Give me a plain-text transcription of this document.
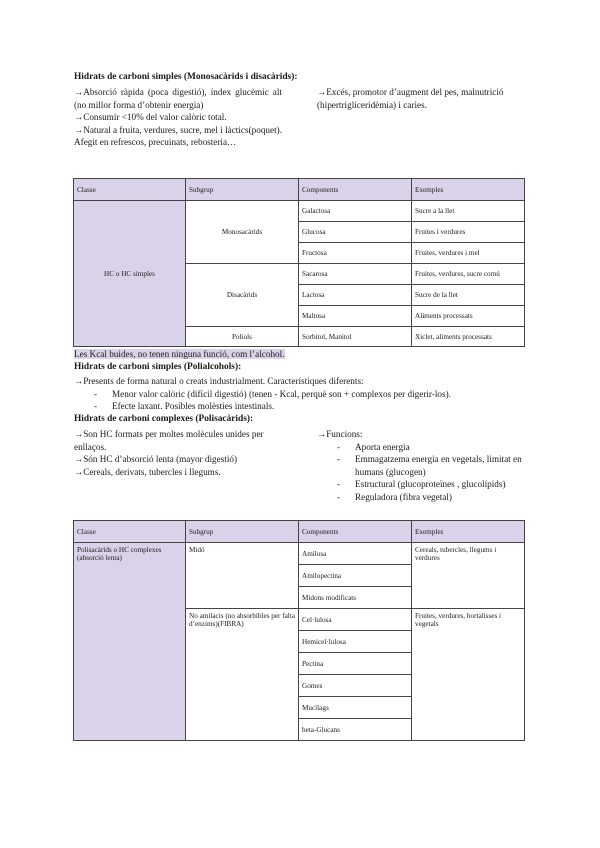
Hidrats de carboni simples (Monosacàrids i disacàrids):
→Absorció ràpida (poca digestió), índex glucèmic alt (no millor forma d’obtenir energia)
→Consumir <10% del valor calòric total.
→Natural a fruita, verdures, sucre, mel i làctics(poquet). Afegit en refrescos, precuinats, rebosteria…
→Excés, promotor d’augment del pes, malnutrició (hipertrigliceridèmia) i caries.
Classe	Subgrup	Components	Exemples
HC o HC simples	Monosacàrids	Galactosa	Sucre a la llet
		Glucosa	Fruites i verdures
		Fructosa	Fruites, verdures i mel
	Disacàrids	Sacarosa	Fruites, verdures, sucre comú
		Lactosa	Sucre de la llet
		Maltosa	Aliments processats
	Poliols	Sorbitol, Manitol	Xiclet, aliments processats
Les Kcal buides, no tenen ninguna funció, com l’alcohol.
Hidrats de carboni simples (Polialcohols):
→Presents de forma natural o creats industrialment. Característiques diferents:
- Menor valor calòric (difícil digestió) (tenen - Kcal, perquè son + complexos per digerir-los).
- Efecte laxant. Posibles molèsties intestinals.
Hidrats de carboni complexes (Polisacàrids):
→Son HC formats per moltes molècules unides per enllaços.
→Són HC d’absorció lenta (mayor digestió)
→Cereals, derivats, tubercles i llegums.
→Funcions:
- Aporta energia
- Emmagatzema energia en vegetals, limitat en humans (glucogen)
- Estructural (glucoproteïnes , glucolípids)
- Reguladora (fibra vegetal)
Classe	Subgrup	Components	Exemples
Polisacàrids o HC complexes (absorció lenta)	Midó	Amilosa	Cereals, tubercles, llegums i verdures
		Amilopectina	
		Midons modificats	
	No amilacis (no absorbibles per falta d’enzims)(FIBRA)	Cel·lulosa	Fruites, verdures, hortalisses i vegetals
		Hemicel·lulosa	
		Pectina	
		Gomes	
		Mucílags	
		beta-Glucans	
